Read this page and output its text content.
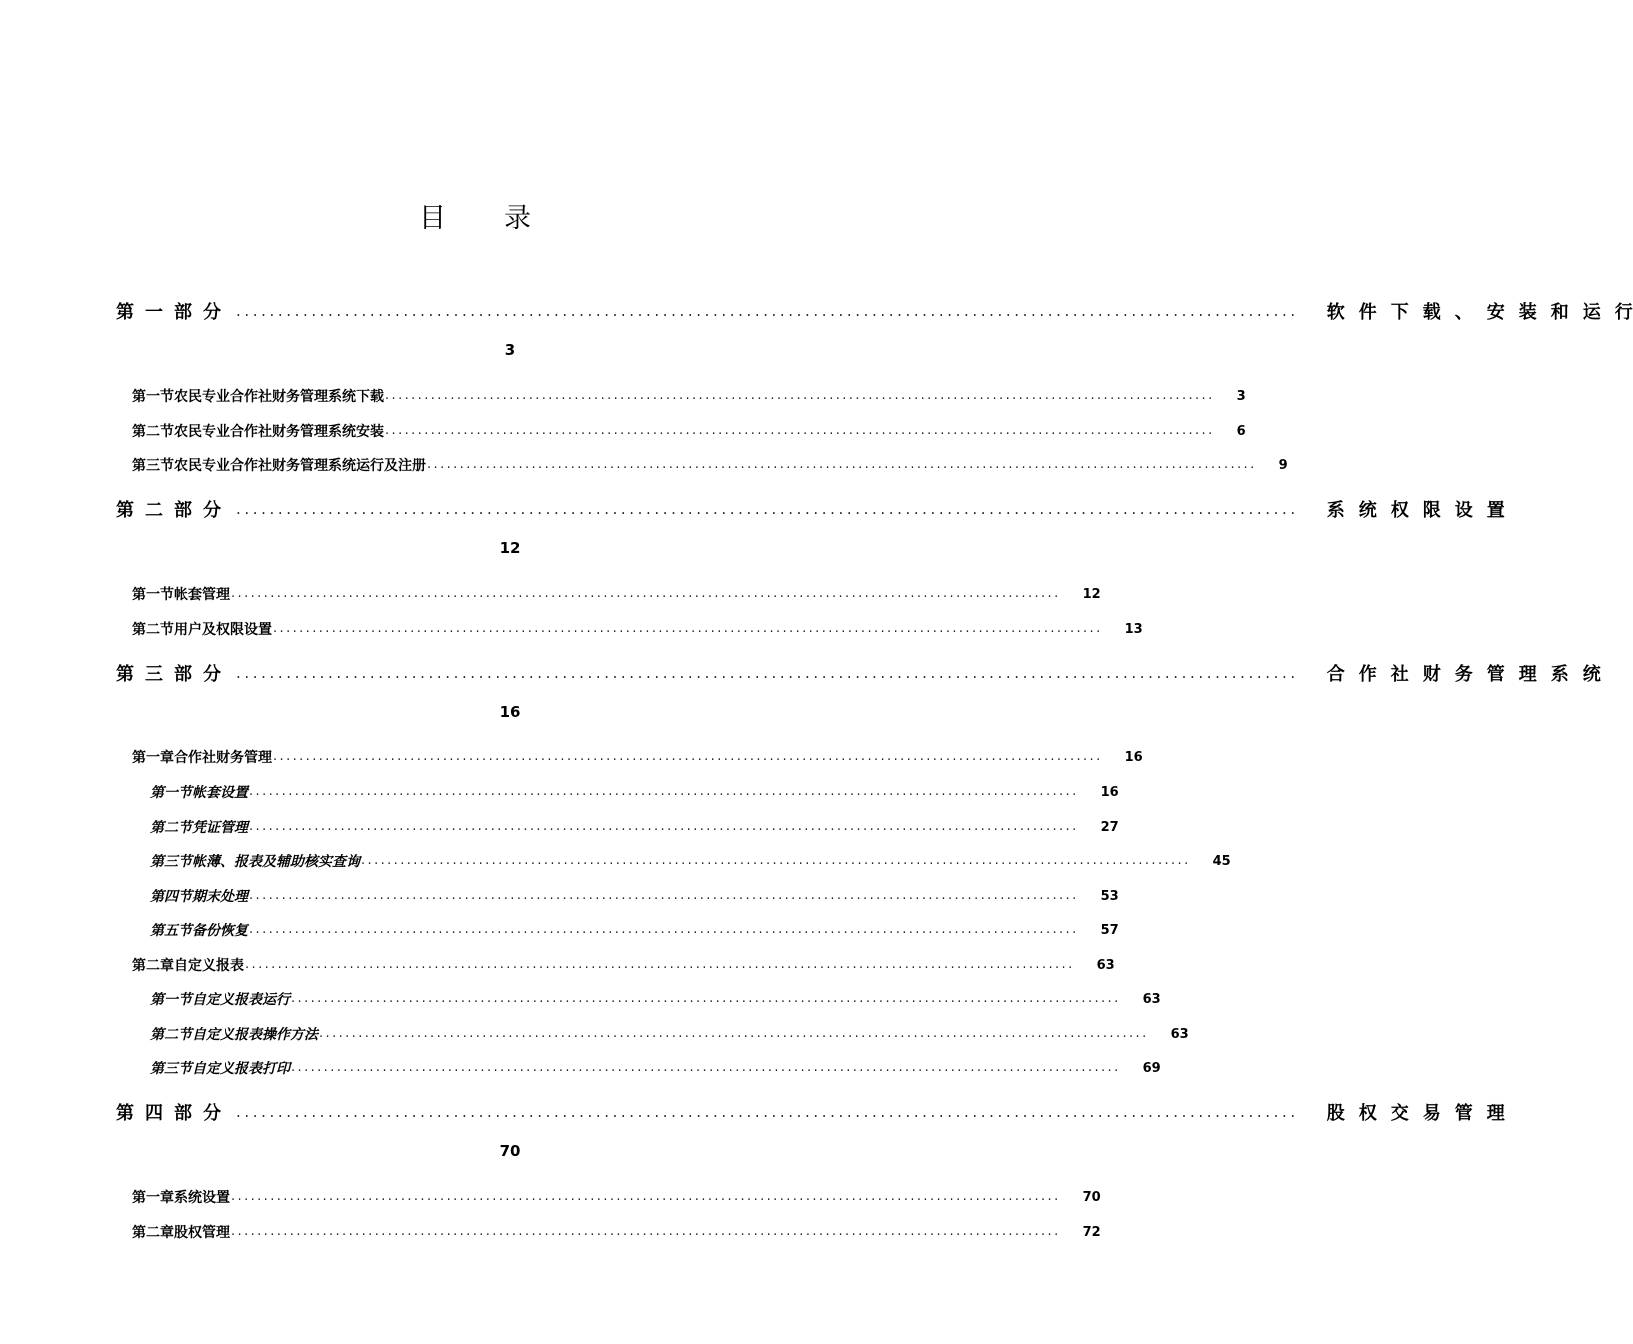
目 录
第一部分 ...............................................................................................................................	软 件 下 载 、 安 装 和 运 行
3
第一节 农民专业合作社财务管理系统下载 ............................................................................................................................... 3
第二节 农民专业合作社财务管理系统安装 ............................................................................................................................... 6
第三节 农民专业合作社财务管理系统运行及注册 ............................................................................................................................... 9
第二部分 ...............................................................................................................................	系 统 权 限 设 置
12
第一节 帐套管理 ............................................................................................................................... 12
第二节 用户及权限设置 ............................................................................................................................... 13
第三部分 ...............................................................................................................................	合 作 社 财 务 管 理 系 统
16
第一章 合作社财务管理 ............................................................................................................................... 16
第一节 帐套设置 ............................................................................................................................... 16
第二节 凭证管理 ............................................................................................................................... 27
第三节 帐薄、报表及辅助核实查询 ............................................................................................................................... 45
第四节 期末处理 ............................................................................................................................... 53
第五节 备份恢复 ............................................................................................................................... 57
第二章 自定义报表 ............................................................................................................................... 63
第一节 自定义报表运行 ............................................................................................................................... 63
第二节 自定义报表操作方法 ............................................................................................................................... 63
第三节 自定义报表打印 ............................................................................................................................... 69
第四部分 ...............................................................................................................................	股 权 交 易 管 理
70
第一章 系统设置 ............................................................................................................................... 70
第二章 股权管理 ............................................................................................................................... 72
